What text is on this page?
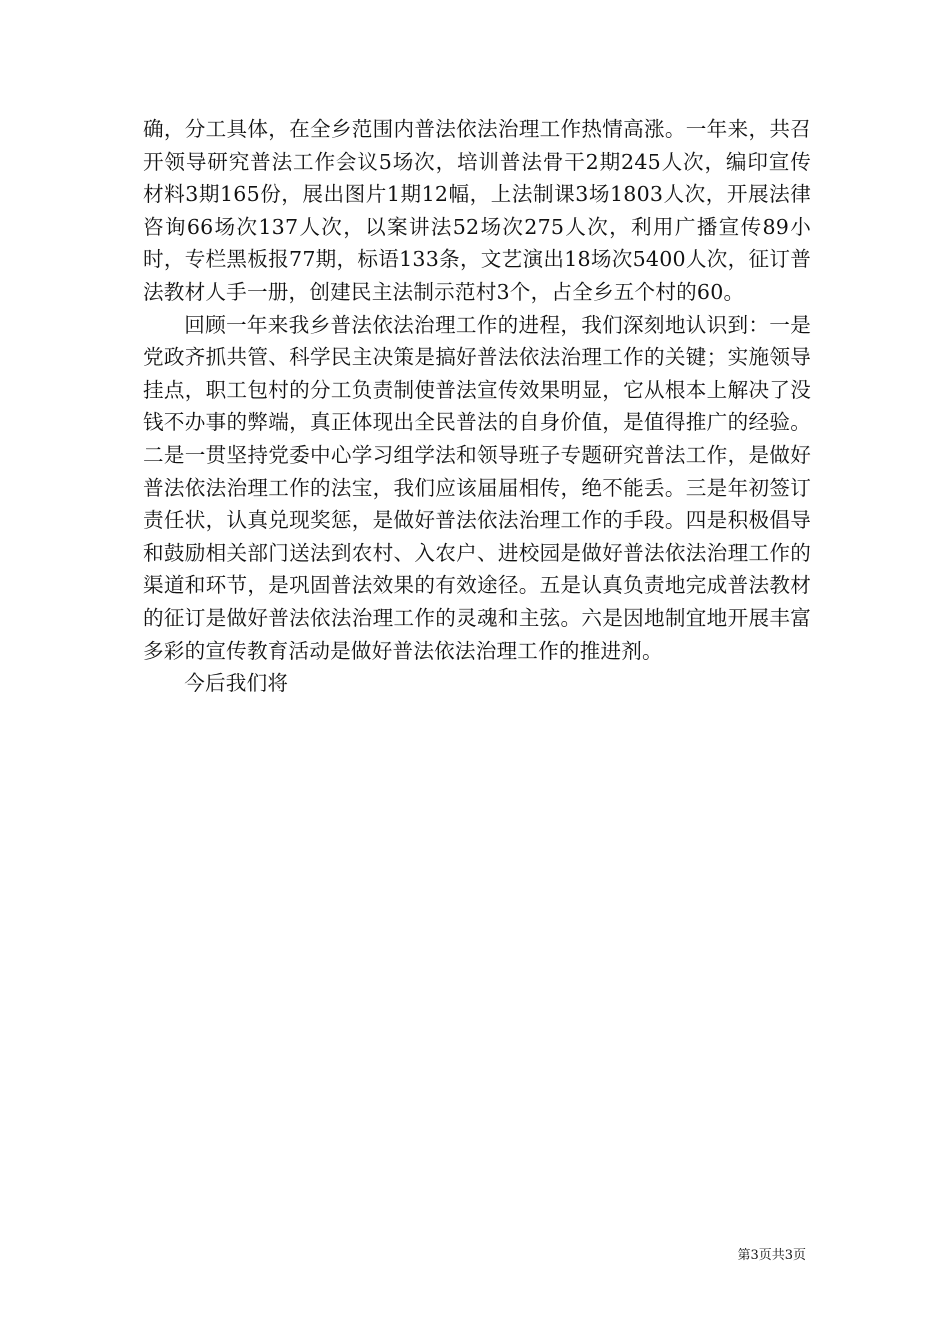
确，分工具体，在全乡范围内普法依法治理工作热情高涨。一年来，共召开领导研究普法工作会议5场次，培训普法骨干2期245人次，编印宣传材料3期165份，展出图片1期12幅，上法制课3场1803人次，开展法律咨询66场次137人次，以案讲法52场次275人次，利用广播宣传89小时，专栏黑板报77期，标语133条，文艺演出18场次5400人次，征订普法教材人手一册，创建民主法制示范村3个，占全乡五个村的60。

回顾一年来我乡普法依法治理工作的进程，我们深刻地认识到：一是党政齐抓共管、科学民主决策是搞好普法依法治理工作的关键；实施领导挂点，职工包村的分工负责制使普法宣传效果明显，它从根本上解决了没钱不办事的弊端，真正体现出全民普法的自身价值，是值得推广的经验。二是一贯坚持党委中心学习组学法和领导班子专题研究普法工作，是做好普法依法治理工作的法宝，我们应该届届相传，绝不能丢。三是年初签订责任状，认真兑现奖惩，是做好普法依法治理工作的手段。四是积极倡导和鼓励相关部门送法到农村、入农户、进校园是做好普法依法治理工作的渠道和环节，是巩固普法效果的有效途径。五是认真负责地完成普法教材的征订是做好普法依法治理工作的灵魂和主弦。六是因地制宜地开展丰富多彩的宣传教育活动是做好普法依法治理工作的推进剂。

今后我们将

第3页共3页
